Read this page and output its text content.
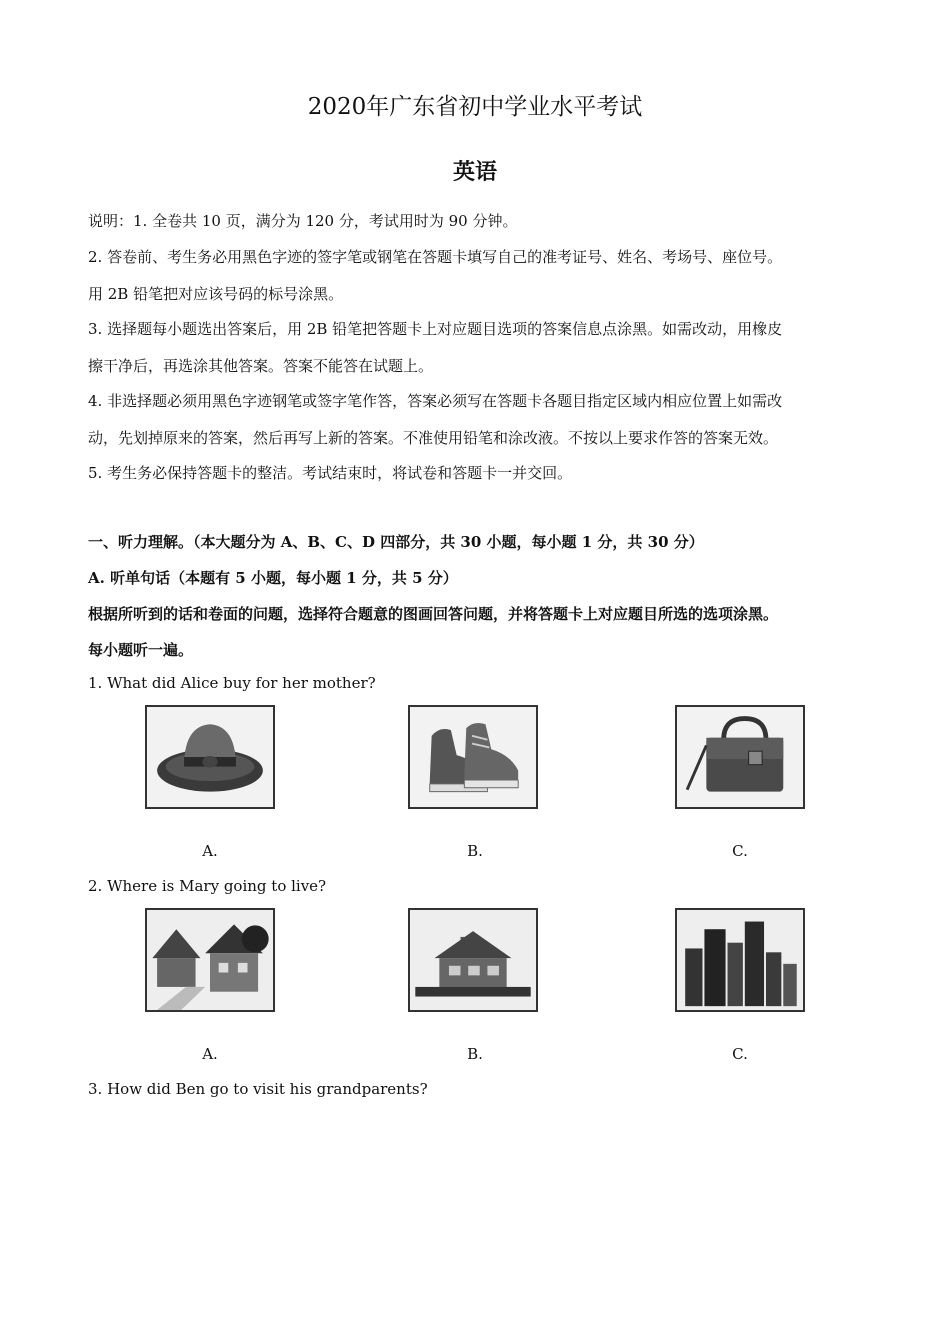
2020年广东省初中学业水平考试
英语
说明：1. 全卷共 10 页，满分为 120 分，考试用时为 90 分钟。
2. 答卷前、考生务必用黑色字迹的签字笔或钢笔在答题卡填写自己的准考证号、姓名、考场号、座位号。
用 2B 铅笔把对应该号码的标号涂黑。
3. 选择题每小题选出答案后，用 2B 铅笔把答题卡上对应题目选项的答案信息点涂黑。如需改动，用橡皮
擦干净后，再选涂其他答案。答案不能答在试题上。
4. 非选择题必须用黑色字迹钢笔或签字笔作答，答案必须写在答题卡各题目指定区域内相应位置上如需改
动，先划掉原来的答案，然后再写上新的答案。不准使用铅笔和涂改液。不按以上要求作答的答案无效。
5. 考生务必保持答题卡的整洁。考试结束时，将试卷和答题卡一并交回。
一、听力理解。（本大题分为 A、B、C、D 四部分，共 30 小题，每小题 1 分，共 30 分）
A. 听单句话（本题有 5 小题，每小题 1 分，共 5 分）
根据所听到的话和卷面的问题，选择符合题意的图画回答问题，并将答题卡上对应题目所选的选项涂黑。
每小题听一遍。
1. What did Alice buy for her mother?
A.	B.	C.
2. Where is Mary going to live?
A.	B.	C.
3. How did Ben go to visit his grandparents?
